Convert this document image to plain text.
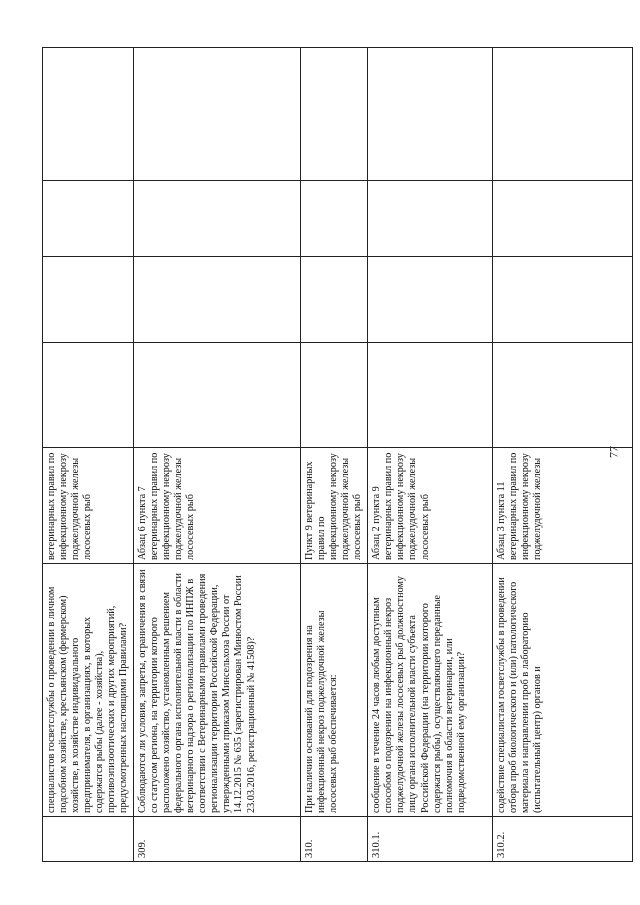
77
	специалистов госветслужбы о проведении в личном подсобном хозяйстве, крестьянском (фермерском) хозяйстве, в хозяйстве индивидуального предпринимателя, в организациях, в которых содержатся рыбы (далее - хозяйства), противоэпизоотических и других мероприятий, предусмотренных настоящими Правилами?	ветеринарных правил по инфекционному некрозу поджелудочной железы лососевых рыб				
309.	Соблюдаются ли условия, запреты, ограничения в связи со статусом региона, на территории которого расположено хозяйство, установленным решением федерального органа исполнительной власти в области ветеринарного надзора о регионализации по ИНПЖ в соответствии с Ветеринарными правилами проведения регионализации территории Российской Федерации, утвержденными приказом Минсельхоза России от 14.12.2015 № 635 (зарегистрирован Минюстом России 23.03.2016, регистрационный № 41508)?	Абзац 6 пункта 7 ветеринарных правил по инфекционному некрозу поджелудочной железы лососевых рыб				
310.	При наличии оснований для подозрения на инфекционный некроз поджелудочной железы лососевых рыб обеспечивается:	Пункт 9 ветеринарных правил по инфекционному некрозу поджелудочной железы лососевых рыб				
310.1.	сообщение в течение 24 часов любым доступным способом о подозрении на инфекционный некроз поджелудочной железы лососевых рыб должностному лицу органа исполнительной власти субъекта Российской Федерации (на территории которого содержатся рыбы), осуществляющего переданные полномочия в области ветеринарии, или подведомственной ему организации?	Абзац 2 пункта 9 ветеринарных правил по инфекционному некрозу поджелудочной железы лососевых рыб				
310.2.	содействие специалистам госветслужбы в проведении отбора проб биологического и (или) патологического материала и направлении проб в лабораторию (испытательный центр) органов и	Абзац 3 пункта 11 ветеринарных правил по инфекционному некрозу поджелудочной железы				
